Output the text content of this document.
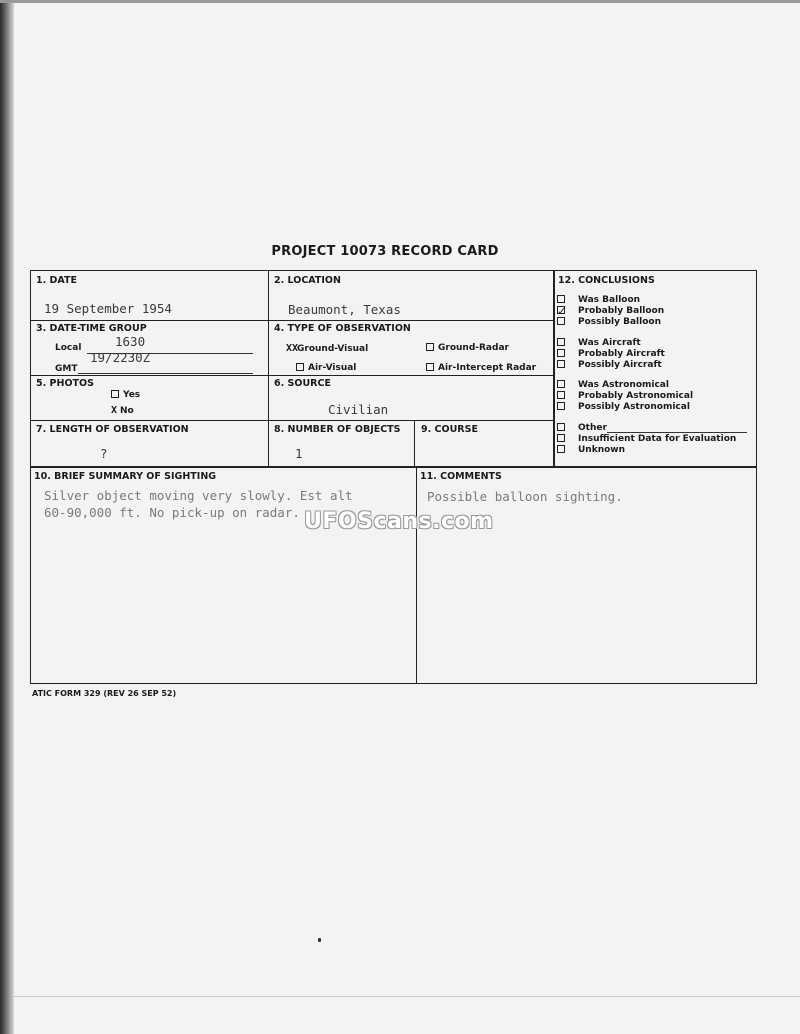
PROJECT 10073 RECORD CARD
1. DATE
19 September 1954
2. LOCATION
Beaumont, Texas
3. DATE-TIME GROUP
Local	1630
GMT
19/2230Z
4. TYPE OF OBSERVATION
XXGround-Visual	Ground-Radar
Air-Visual	Air-Intercept Radar
5. PHOTOS
Yes
X No
6. SOURCE
Civilian
7. LENGTH OF OBSERVATION
?
8. NUMBER OF OBJECTS
1
9. COURSE
10. BRIEF SUMMARY OF SIGHTING
Silver object moving very slowly. Est alt
60-90,000 ft. No pick-up on radar.
11. COMMENTS
Possible balloon sighting.
12. CONCLUSIONS
Was Balloon
Probably Balloon
Possibly Balloon
Was Aircraft
Probably Aircraft
Possibly Aircraft
Was Astronomical
Probably Astronomical
Possibly Astronomical
Other
Insufficient Data for Evaluation
Unknown
✓
ATIC FORM 329 (REV 26 SEP 52)
UFOScans.com
